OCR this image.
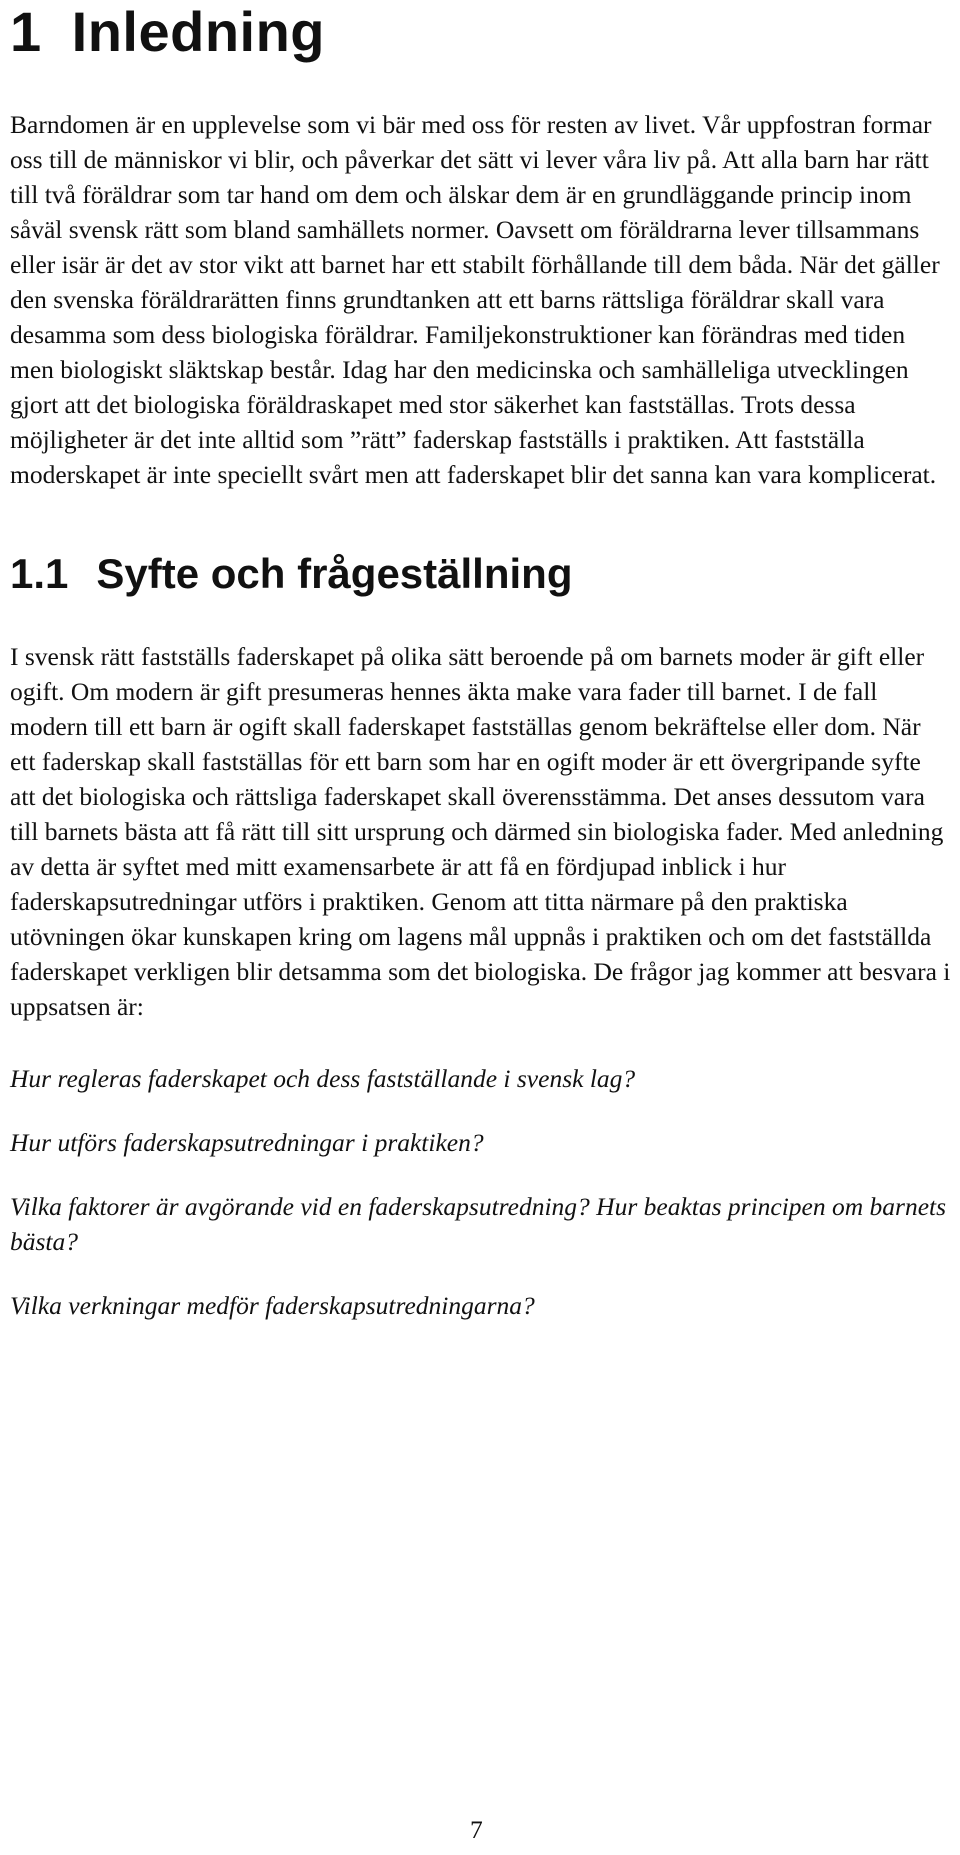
1 Inledning

Barndomen är en upplevelse som vi bär med oss för resten av livet. Vår uppfostran formar oss till de människor vi blir, och påverkar det sätt vi lever våra liv på. Att alla barn har rätt till två föräldrar som tar hand om dem och älskar dem är en grundläggande princip inom såväl svensk rätt som bland samhällets normer. Oavsett om föräldrarna lever tillsammans eller isär är det av stor vikt att barnet har ett stabilt förhållande till dem båda. När det gäller den svenska föräldrarätten finns grundtanken att ett barns rättsliga föräldrar skall vara desamma som dess biologiska föräldrar. Familjekonstruktioner kan förändras med tiden men biologiskt släktskap består. Idag har den medicinska och samhälleliga utvecklingen gjort att det biologiska föräldraskapet med stor säkerhet kan fastställas. Trots dessa möjligheter är det inte alltid som ”rätt” faderskap fastställs i praktiken. Att fastställa moderskapet är inte speciellt svårt men att faderskapet blir det sanna kan vara komplicerat.

1.1 Syfte och frågeställning

I svensk rätt fastställs faderskapet på olika sätt beroende på om barnets moder är gift eller ogift. Om modern är gift presumeras hennes äkta make vara fader till barnet. I de fall modern till ett barn är ogift skall faderskapet fastställas genom bekräftelse eller dom. När ett faderskap skall fastställas för ett barn som har en ogift moder är ett övergripande syfte att det biologiska och rättsliga faderskapet skall överensstämma. Det anses dessutom vara till barnets bästa att få rätt till sitt ursprung och därmed sin biologiska fader. Med anledning av detta är syftet med mitt examensarbete är att få en fördjupad inblick i hur faderskapsutredningar utförs i praktiken. Genom att titta närmare på den praktiska utövningen ökar kunskapen kring om lagens mål uppnås i praktiken och om det fastställda faderskapet verkligen blir detsamma som det biologiska. De frågor jag kommer att besvara i uppsatsen är:

Hur regleras faderskapet och dess fastställande i svensk lag?

Hur utförs faderskapsutredningar i praktiken?

Vilka faktorer är avgörande vid en faderskapsutredning? Hur beaktas principen om barnets bästa?

Vilka verkningar medför faderskapsutredningarna?

7
